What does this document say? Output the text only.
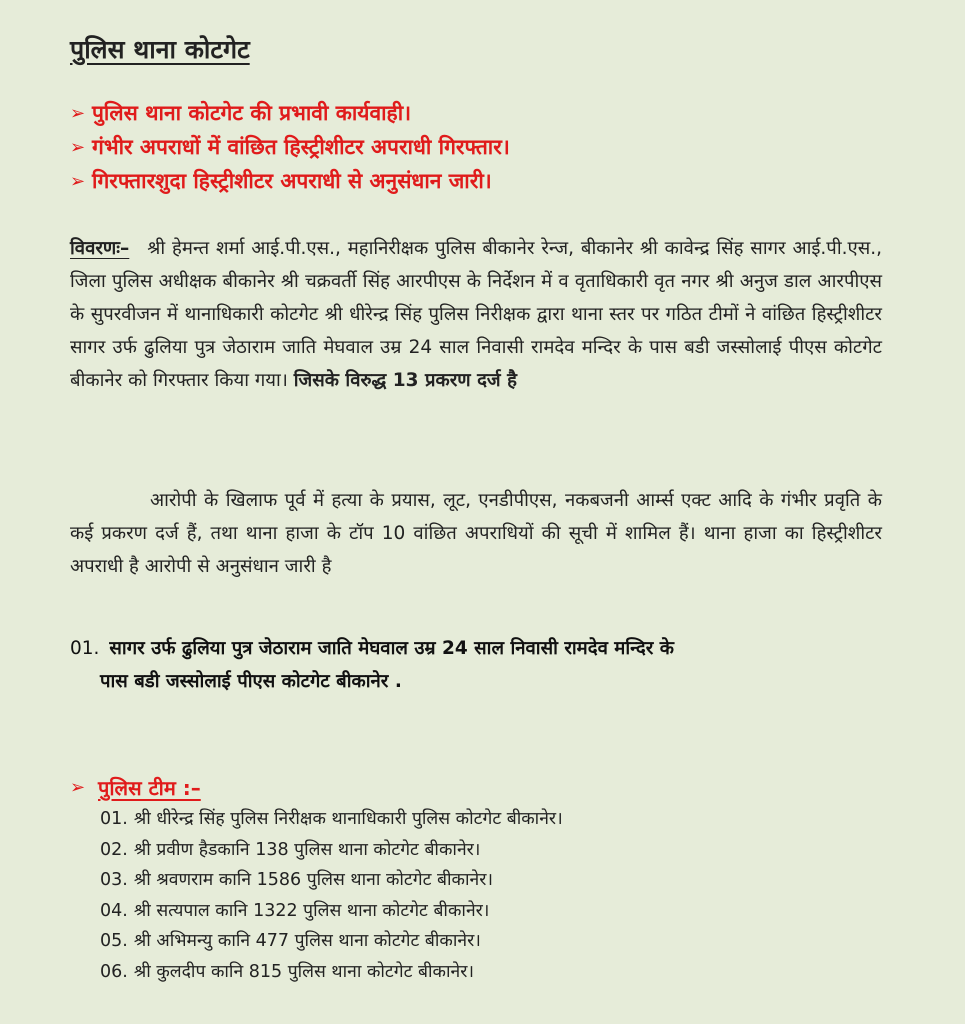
पुलिस थाना कोटगेट
➢ पुलिस थाना कोटगेट की प्रभावी कार्यवाही।
➢ गंभीर अपराधों में वांछित हिस्ट्रीशीटर अपराधी गिरफ्तार।
➢ गिरफ्तारशुदा हिस्ट्रीशीटर अपराधी से अनुसंधान जारी।
विवरणः– श्री हेमन्त शर्मा आई.पी.एस., महानिरीक्षक पुलिस बीकानेर रेन्ज, बीकानेर श्री कावेन्द्र सिंह सागर आई.पी.एस., जिला पुलिस अधीक्षक बीकानेर श्री चक्रवर्ती सिंह आरपीएस के निर्देशन में व वृताधिकारी वृत नगर श्री अनुज डाल आरपीएस के सुपरवीजन में थानाधिकारी कोटगेट श्री धीरेन्द्र सिंह पुलिस निरीक्षक द्वारा थाना स्तर पर गठित टीमों ने वांछित हिस्ट्रीशीटर सागर उर्फ ढुलिया पुत्र जेठाराम जाति मेघवाल उम्र 24 साल निवासी रामदेव मन्दिर के पास बडी जस्सोलाई पीएस कोटगेट बीकानेर को गिरफ्तार किया गया। जिसके विरुद्ध 13 प्रकरण दर्ज है
आरोपी के खिलाफ पूर्व में हत्या के प्रयास, लूट, एनडीपीएस, नकबजनी आर्म्स एक्ट आदि के गंभीर प्रवृति के कई प्रकरण दर्ज हैं, तथा थाना हाजा के टॉप 10 वांछित अपराधियों की सूची में शामिल हैं। थाना हाजा का हिस्ट्रीशीटर अपराधी है आरोपी से अनुसंधान जारी है
01. सागर उर्फ ढुलिया पुत्र जेठाराम जाति मेघवाल उम्र 24 साल निवासी रामदेव मन्दिर के
पास बडी जस्सोलाई पीएस कोटगेट बीकानेर .
➢ पुलिस टीम :–
01. श्री धीरेन्द्र सिंह पुलिस निरीक्षक थानाधिकारी पुलिस कोटगेट बीकानेर।
02. श्री प्रवीण हैडकानि 138 पुलिस थाना कोटगेट बीकानेर।
03. श्री श्रवणराम कानि 1586 पुलिस थाना कोटगेट बीकानेर।
04. श्री सत्यपाल कानि 1322 पुलिस थाना कोटगेट बीकानेर।
05. श्री अभिमन्यु कानि 477 पुलिस थाना कोटगेट बीकानेर।
06. श्री कुलदीप कानि 815 पुलिस थाना कोटगेट बीकानेर।
